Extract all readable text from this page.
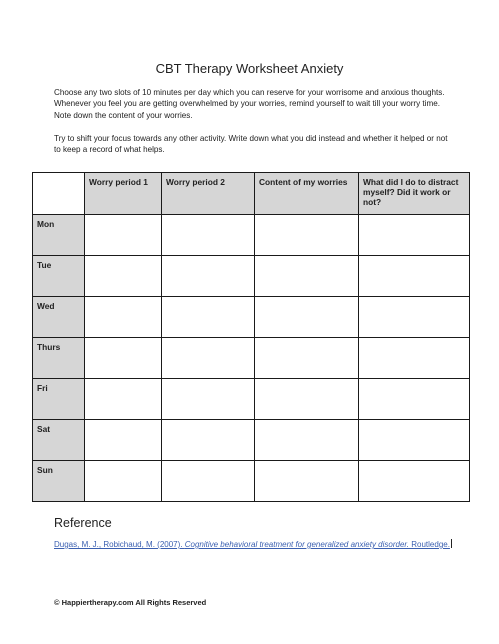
CBT Therapy Worksheet Anxiety

Choose any two slots of 10 minutes per day which you can reserve for your worrisome and anxious thoughts. Whenever you feel you are getting overwhelmed by your worries, remind yourself to wait till your worry time. Note down the content of your worries.

Try to shift your focus towards any other activity. Write down what you did instead and whether it helped or not to keep a record of what helps.

	Worry period 1	Worry period 2	Content of my worries	What did I do to distract myself? Did it work or not?
Mon				
Tue				
Wed				
Thurs				
Fri				
Sat				
Sun				
Reference
Dugas, M. J., Robichaud, M. (2007). Cognitive behavioral treatment for generalized anxiety disorder. Routledge.
© Happiertherapy.com All Rights Reserved
